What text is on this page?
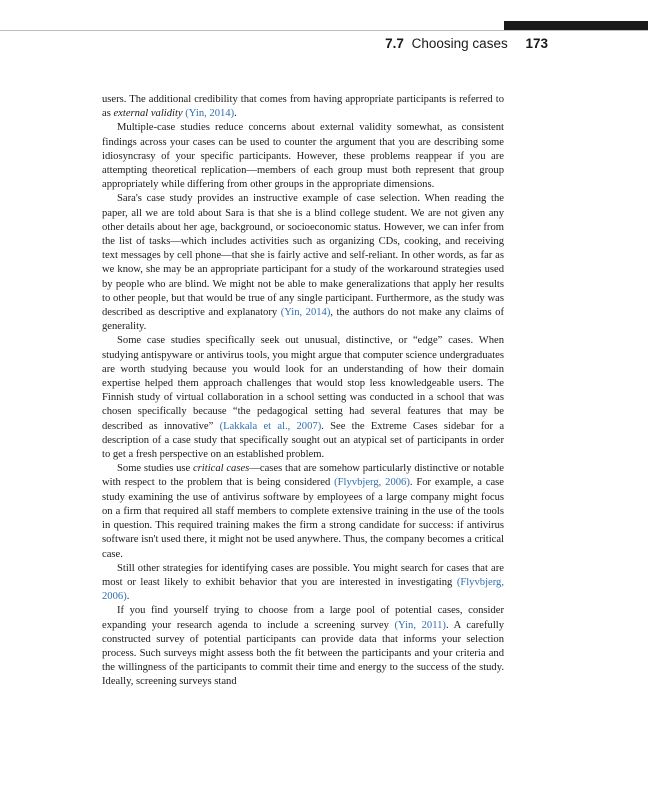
7.7 Choosing cases 173

users. The additional credibility that comes from having appropriate participants is referred to as external validity (Yin, 2014).

Multiple-case studies reduce concerns about external validity somewhat, as consistent findings across your cases can be used to counter the argument that you are describing some idiosyncrasy of your specific participants. However, these problems reappear if you are attempting theoretical replication—members of each group must both represent that group appropriately while differing from other groups in the appropriate dimensions.

Sara's case study provides an instructive example of case selection. When reading the paper, all we are told about Sara is that she is a blind college student. We are not given any other details about her age, background, or socioeconomic status. However, we can infer from the list of tasks—which includes activities such as organizing CDs, cooking, and receiving text messages by cell phone—that she is fairly active and self-reliant. In other words, as far as we know, she may be an appropriate participant for a study of the workaround strategies used by people who are blind. We might not be able to make generalizations that apply her results to other people, but that would be true of any single participant. Furthermore, as the study was described as descriptive and explanatory (Yin, 2014), the authors do not make any claims of generality.

Some case studies specifically seek out unusual, distinctive, or “edge” cases. When studying antispyware or antivirus tools, you might argue that computer science undergraduates are worth studying because you would look for an understanding of how their domain expertise helped them approach challenges that would stop less knowledgeable users. The Finnish study of virtual collaboration in a school setting was conducted in a school that was chosen specifically because “the pedagogical setting had several features that may be described as innovative” (Lakkala et al., 2007). See the Extreme Cases sidebar for a description of a case study that specifically sought out an atypical set of participants in order to get a fresh perspective on an established problem.

Some studies use critical cases—cases that are somehow particularly distinctive or notable with respect to the problem that is being considered (Flyvbjerg, 2006). For example, a case study examining the use of antivirus software by employees of a large company might focus on a firm that required all staff members to complete extensive training in the use of the tools in question. This required training makes the firm a strong candidate for success: if antivirus software isn't used there, it might not be used anywhere. Thus, the company becomes a critical case.

Still other strategies for identifying cases are possible. You might search for cases that are most or least likely to exhibit behavior that you are interested in investigating (Flyvbjerg, 2006).

If you find yourself trying to choose from a large pool of potential cases, consider expanding your research agenda to include a screening survey (Yin, 2011). A carefully constructed survey of potential participants can provide data that informs your selection process. Such surveys might assess both the fit between the participants and your criteria and the willingness of the participants to commit their time and energy to the success of the study. Ideally, screening surveys stand
